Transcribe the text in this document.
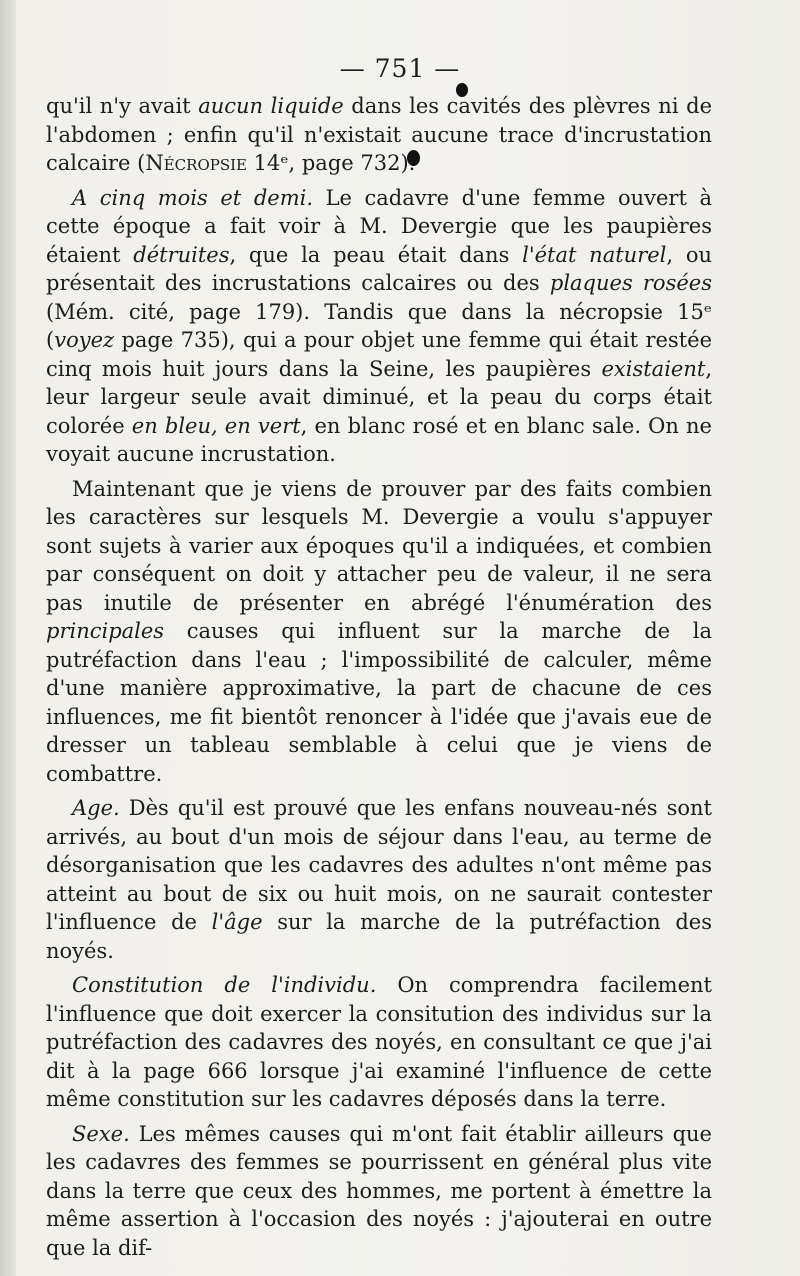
— 751 —

qu'il n'y avait aucun liquide dans les cavités des plèvres ni de l'abdomen ; enfin qu'il n'existait aucune trace d'incrustation calcaire (Nécropsie 14ᵉ, page 732).

A cinq mois et demi. Le cadavre d'une femme ouvert à cette époque a fait voir à M. Devergie que les paupières étaient détruites, que la peau était dans l'état naturel, ou présentait des incrustations calcaires ou des plaques rosées (Mém. cité, page 179). Tandis que dans la nécropsie 15ᵉ (voyez page 735), qui a pour objet une femme qui était restée cinq mois huit jours dans la Seine, les paupières existaient, leur largeur seule avait diminué, et la peau du corps était colorée en bleu, en vert, en blanc rosé et en blanc sale. On ne voyait aucune incrustation.

Maintenant que je viens de prouver par des faits combien les caractères sur lesquels M. Devergie a voulu s'appuyer sont sujets à varier aux époques qu'il a indiquées, et combien par conséquent on doit y attacher peu de valeur, il ne sera pas inutile de présenter en abrégé l'énumération des principales causes qui influent sur la marche de la putréfaction dans l'eau ; l'impossibilité de calculer, même d'une manière approximative, la part de chacune de ces influences, me fit bientôt renoncer à l'idée que j'avais eue de dresser un tableau semblable à celui que je viens de combattre.

Age. Dès qu'il est prouvé que les enfans nouveau-nés sont arrivés, au bout d'un mois de séjour dans l'eau, au terme de désorganisation que les cadavres des adultes n'ont même pas atteint au bout de six ou huit mois, on ne saurait contester l'influence de l'âge sur la marche de la putréfaction des noyés.

Constitution de l'individu. On comprendra facilement l'influence que doit exercer la consitution des individus sur la putréfaction des cadavres des noyés, en consultant ce que j'ai dit à la page 666 lorsque j'ai examiné l'influence de cette même constitution sur les cadavres déposés dans la terre.

Sexe. Les mêmes causes qui m'ont fait établir ailleurs que les cadavres des femmes se pourrissent en général plus vite dans la terre que ceux des hommes, me portent à émettre la même assertion à l'occasion des noyés : j'ajouterai en outre que la dif-
